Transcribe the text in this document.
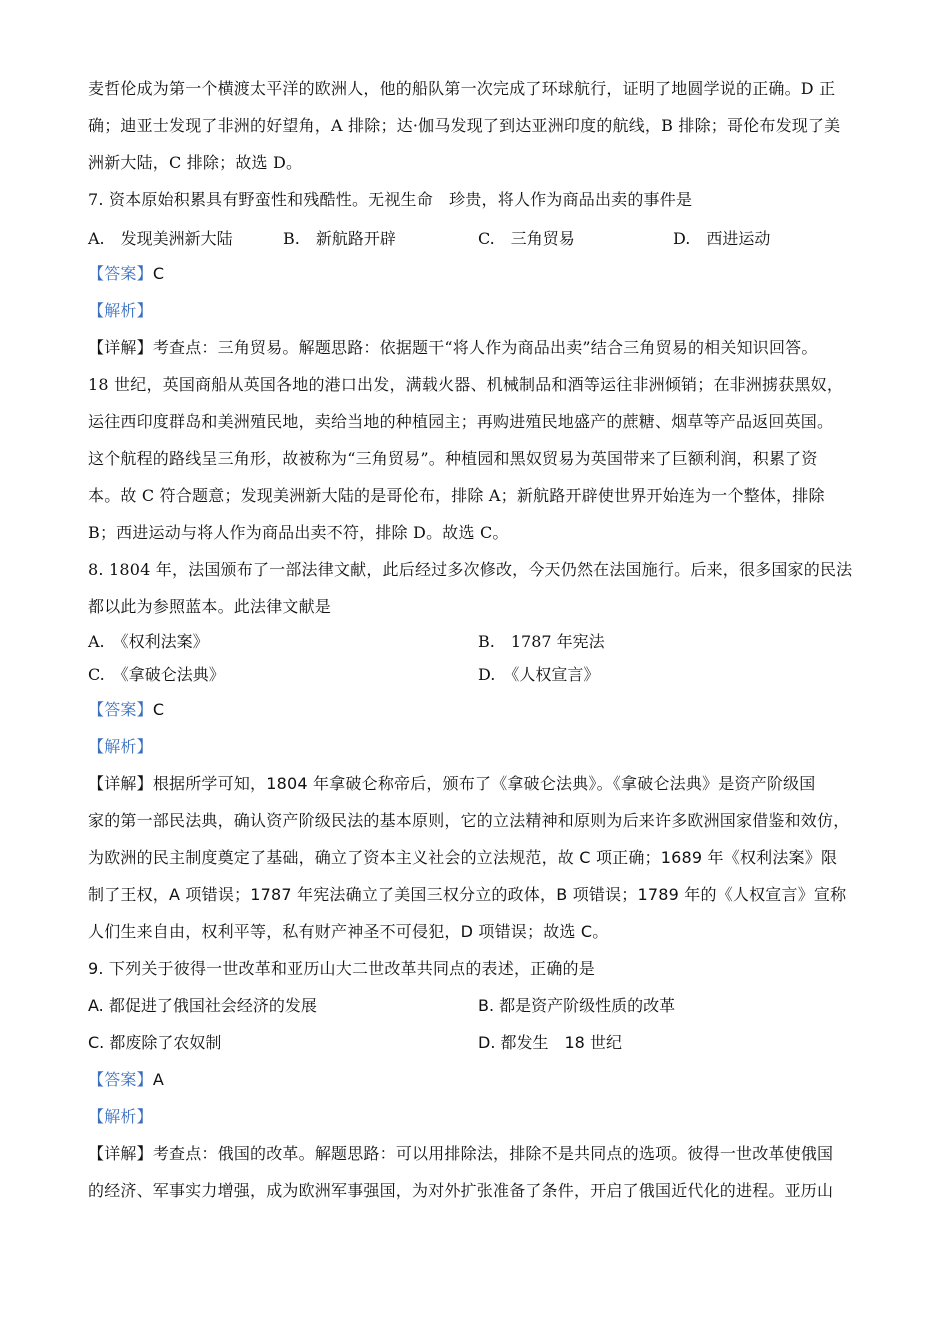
麦哲伦成为第一个横渡太平洋的欧洲人，他的船队第一次完成了环球航行，证明了地圆学说的正确。D 正
确；迪亚士发现了非洲的好望角，A 排除；达·伽马发现了到达亚洲印度的航线，B 排除；哥伦布发现了美
洲新大陆，C 排除；故选 D。
7. 资本原始积累具有野蛮性和残酷性。无视生命　珍贵，将人作为商品出卖的事件是
A.　发现美洲新大陆	B.　新航路开辟	C.　三角贸易	D.　西进运动
【答案】C
【解析】
【详解】考查点：三角贸易。解题思路：依据题干“将人作为商品出卖”结合三角贸易的相关知识回答。
18 世纪，英国商船从英国各地的港口出发，满载火器、机械制品和酒等运往非洲倾销；在非洲掳获黑奴，
运往西印度群岛和美洲殖民地，卖给当地的种植园主；再购进殖民地盛产的蔗糖、烟草等产品返回英国。
这个航程的路线呈三角形，故被称为“三角贸易”。种植园和黑奴贸易为英国带来了巨额利润，积累了资
本。故 C 符合题意；发现美洲新大陆的是哥伦布，排除 A；新航路开辟使世界开始连为一个整体，排除
B；西进运动与将人作为商品出卖不符，排除 D。故选 C。
8. 1804 年，法国颁布了一部法律文献，此后经过多次修改，今天仍然在法国施行。后来，很多国家的民法
都以此为参照蓝本。此法律文献是
A.　《权利法案》	B.　1787 年宪法
C.　《拿破仑法典》	D.　《人权宣言》
【答案】C
【解析】
【详解】根据所学可知，1804 年拿破仑称帝后，颁布了《拿破仑法典》。《拿破仑法典》是资产阶级国
家的第一部民法典，确认资产阶级民法的基本原则，它的立法精神和原则为后来许多欧洲国家借鉴和效仿，
为欧洲的民主制度奠定了基础，确立了资本主义社会的立法规范，故 C 项正确；1689 年《权利法案》限
制了王权，A 项错误；1787 年宪法确立了美国三权分立的政体，B 项错误；1789 年的《人权宣言》宣称
人们生来自由，权利平等，私有财产神圣不可侵犯，D 项错误；故选 C。
9. 下列关于彼得一世改革和亚历山大二世改革共同点的表述，正确的是
A. 都促进了俄国社会经济的发展	B. 都是资产阶级性质的改革
C. 都废除了农奴制	D. 都发生　18 世纪
【答案】A
【解析】
【详解】考查点：俄国的改革。解题思路：可以用排除法，排除不是共同点的选项。彼得一世改革使俄国
的经济、军事实力增强，成为欧洲军事强国，为对外扩张准备了条件，开启了俄国近代化的进程。亚历山
